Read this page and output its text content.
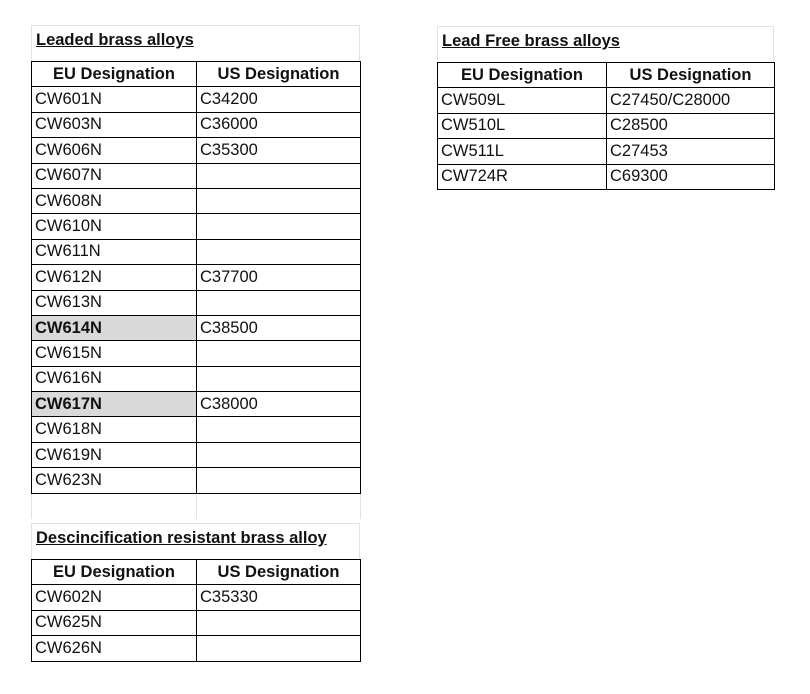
Leaded brass alloys
EU Designation	US Designation
CW601N	C34200
CW603N	C36000
CW606N	C35300
CW607N	
CW608N	
CW610N	
CW611N	
CW612N	C37700
CW613N	
CW614N	C38500
CW615N	
CW616N	
CW617N	C38000
CW618N	
CW619N	
CW623N	

Descincification resistant brass alloy
EU Designation	US Designation
CW602N	C35330
CW625N	
CW626N	
Lead Free brass alloys
EU Designation	US Designation
CW509L	C27450/C28000
CW510L	C28500
CW511L	C27453
CW724R	C69300
